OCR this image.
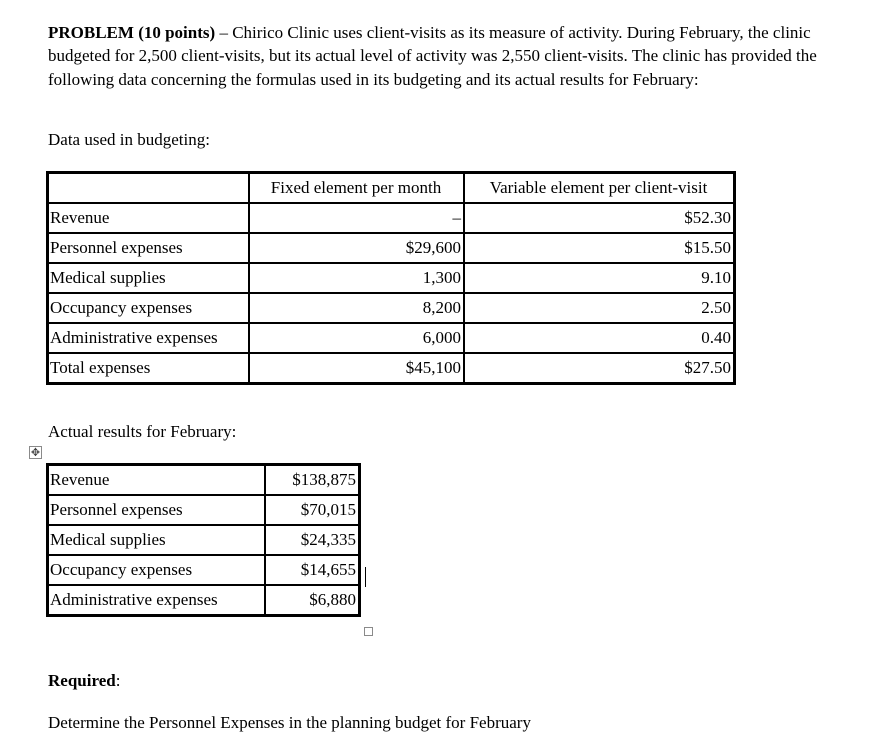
PROBLEM (10 points) – Chirico Clinic uses client-visits as its measure of activity. During February, the clinic budgeted for 2,500 client-visits, but its actual level of activity was 2,550 client-visits. The clinic has provided the following data concerning the formulas used in its budgeting and its actual results for February:

Data used in budgeting:

	Fixed element per month	Variable element per client-visit
Revenue	–	$52.30
Personnel expenses	$29,600	$15.50
Medical supplies	1,300	9.10
Occupancy expenses	8,200	2.50
Administrative expenses	6,000	0.40
Total expenses	$45,100	$27.50

Actual results for February:

✥
Revenue	$138,875
Personnel expenses	$70,015
Medical supplies	$24,335
Occupancy expenses	$14,655
Administrative expenses	$6,880

Required:

Determine the Personnel Expenses in the planning budget for February
